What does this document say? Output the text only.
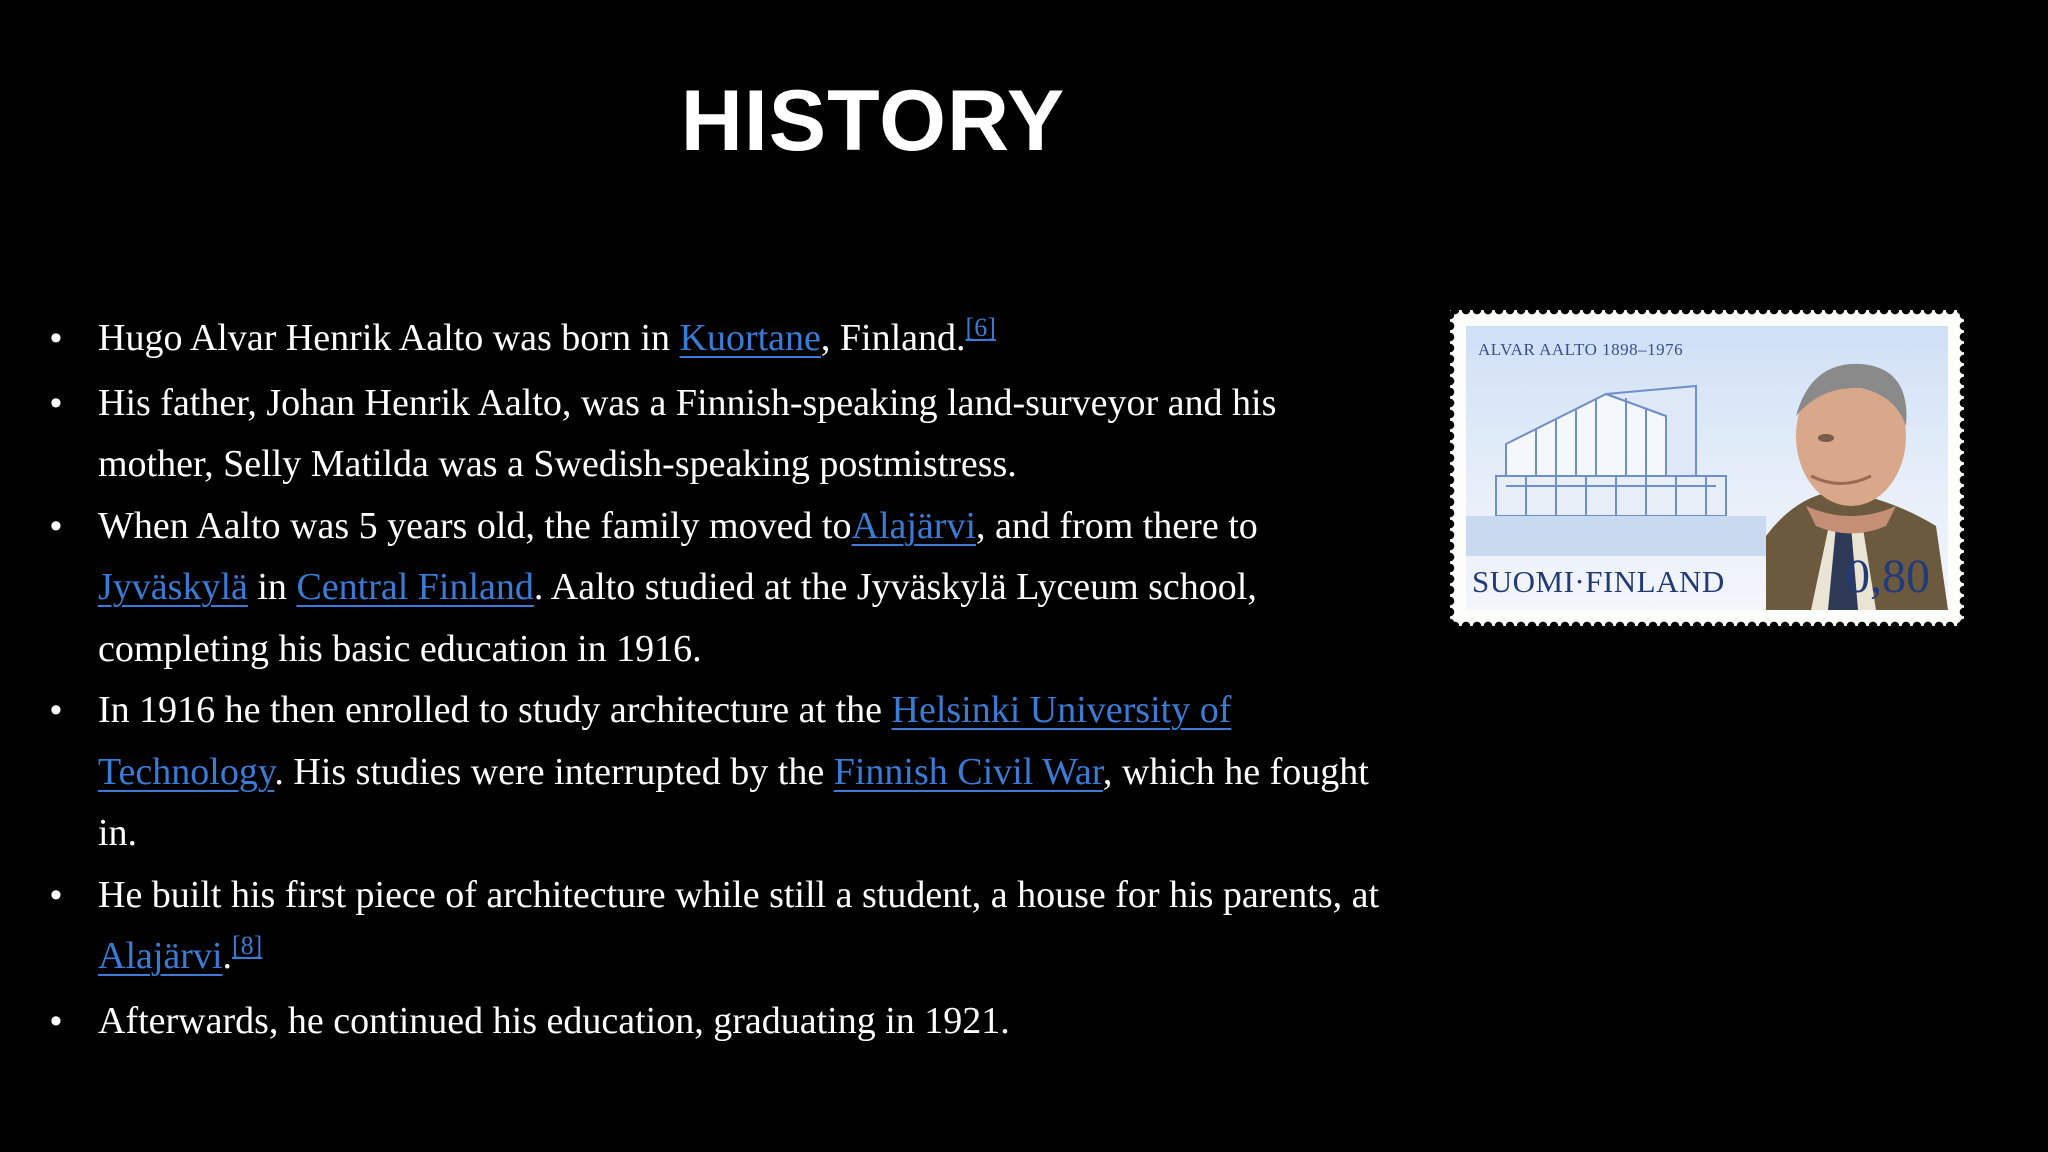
HISTORY
• Hugo Alvar Henrik Aalto was born in Kuortane, Finland.[6]
• His father, Johan Henrik Aalto, was a Finnish-speaking land-surveyor and his mother, Selly Matilda was a Swedish-speaking postmistress.
• When Aalto was 5 years old, the family moved toAlajärvi, and from there to Jyväskylä in Central Finland. Aalto studied at the Jyväskylä Lyceum school, completing his basic education in 1916.
• In 1916 he then enrolled to study architecture at the Helsinki University of Technology. His studies were interrupted by the Finnish Civil War, which he fought in.
• He built his first piece of architecture while still a student, a house for his parents, at Alajärvi.[8]
• Afterwards, he continued his education, graduating in 1921.
ALVAR AALTO 1898–1976
SUOMI·FINLAND	0,80
